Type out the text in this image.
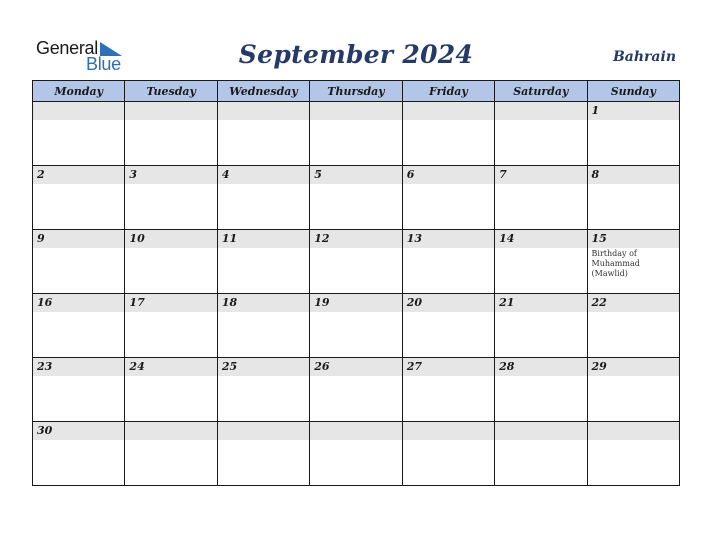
General
Blue	September 2024	Bahrain
Monday	Tuesday	Wednesday	Thursday	Friday	Saturday	Sunday

						1

2	3	4	5	6	7	8

9	10	11	12	13	14	15
Birthday of Muhammad (Mawlid)

16	17	18	19	20	21	22

23	24	25	26	27	28	29

30						
